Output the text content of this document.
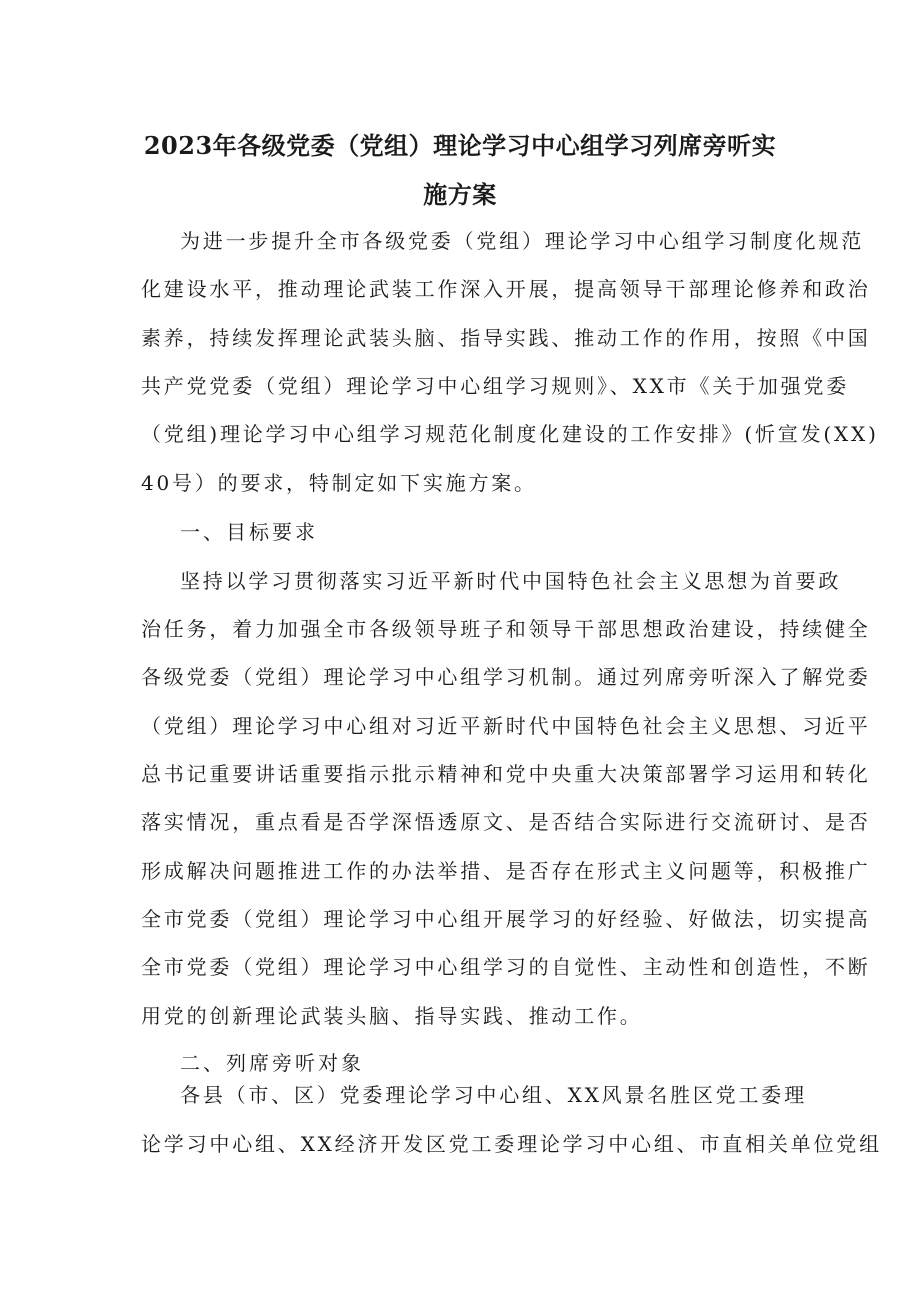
2023年各级党委（党组）理论学习中心组学习列席旁听实
施方案
为进一步提升全市各级党委（党组）理论学习中心组学习制度化规范
化建设水平，推动理论武装工作深入开展，提高领导干部理论修养和政治
素养，持续发挥理论武装头脑、指导实践、推动工作的作用，按照《中国
共产党党委（党组）理论学习中心组学习规则》、XX市《关于加强党委
（党组)理论学习中心组学习规范化制度化建设的工作安排》(忻宣发(XX)
40号）的要求，特制定如下实施方案。
一、目标要求
坚持以学习贯彻落实习近平新时代中国特色社会主义思想为首要政
治任务，着力加强全市各级领导班子和领导干部思想政治建设，持续健全
各级党委（党组）理论学习中心组学习机制。通过列席旁听深入了解党委
（党组）理论学习中心组对习近平新时代中国特色社会主义思想、习近平
总书记重要讲话重要指示批示精神和党中央重大决策部署学习运用和转化
落实情况，重点看是否学深悟透原文、是否结合实际进行交流研讨、是否
形成解决问题推进工作的办法举措、是否存在形式主义问题等，积极推广
全市党委（党组）理论学习中心组开展学习的好经验、好做法，切实提高
全市党委（党组）理论学习中心组学习的自觉性、主动性和创造性，不断
用党的创新理论武装头脑、指导实践、推动工作。
二、列席旁听对象
各县（市、区）党委理论学习中心组、XX风景名胜区党工委理
论学习中心组、XX经济开发区党工委理论学习中心组、市直相关单位党组
